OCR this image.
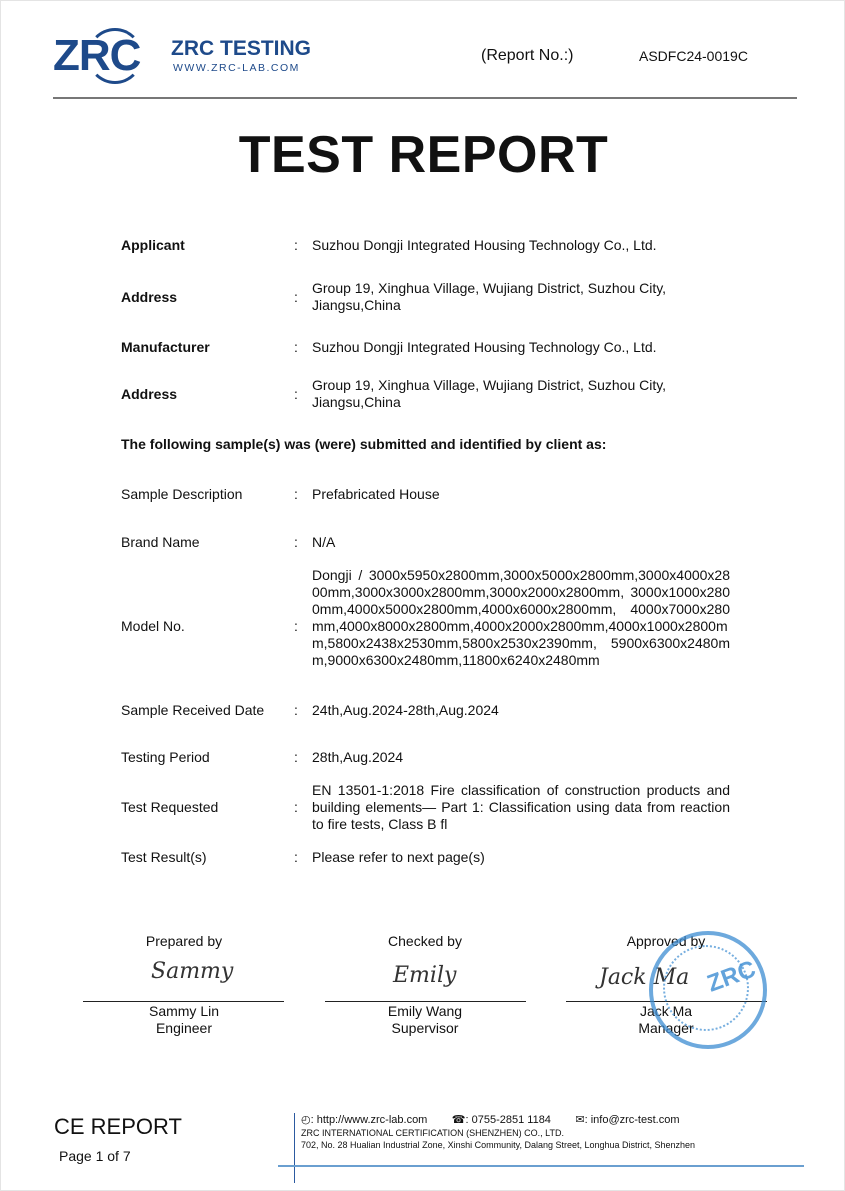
ZRC ZRC TESTING
WWW.ZRC-LAB.COM
(Report No.:)	ASDFC24-0019C
TEST REPORT
Applicant	: Suzhou Dongji Integrated Housing Technology Co., Ltd.
Address	:
Group 19, Xinghua Village, Wujiang District, Suzhou City, Jiangsu,China
Manufacturer	: Suzhou Dongji Integrated Housing Technology Co., Ltd.
Address	:
Group 19, Xinghua Village, Wujiang District, Suzhou City, Jiangsu,China
The following sample(s) was (were) submitted and identified by client as:
Sample Description	: Prefabricated House
Brand Name	: N/A
Model No.	:
Dongji / 3000x5950x2800mm,3000x5000x2800mm,3000x4000x2800mm,3000x3000x2800mm,3000x2000x2800mm, 3000x1000x2800mm,4000x5000x2800mm,4000x6000x2800mm, 4000x7000x280mm,4000x8000x2800mm,4000x2000x2800mm,4000x1000x2800mm,5800x2438x2530mm,5800x2530x2390mm, 5900x6300x2480mm,9000x6300x2480mm,11800x6240x2480mm
Sample Received Date : 24th,Aug.2024-28th,Aug.2024
Testing Period	: 28th,Aug.2024
Test Requested	:
EN 13501-1:2018 Fire classification of construction products and building elements— Part 1: Classification using data from reaction to fire tests, Class B fl
Test Result(s)	: Please refer to next page(s)
Prepared by
Sammy
Sammy Lin
Engineer
Checked by
Emily
Emily Wang
Supervisor
Approved by
Jack Ma
Jack Ma
Manager
ZRC
CE REPORT
Page 1 of 7
◴: http://www.zrc-lab.com        ☎: 0755-2851 1184        ✉: info@zrc-test.com
ZRC INTERNATIONAL CERTIFICATION (SHENZHEN) CO., LTD.
702, No. 28 Hualian Industrial Zone, Xinshi Community, Dalang Street, Longhua District, Shenzhen
